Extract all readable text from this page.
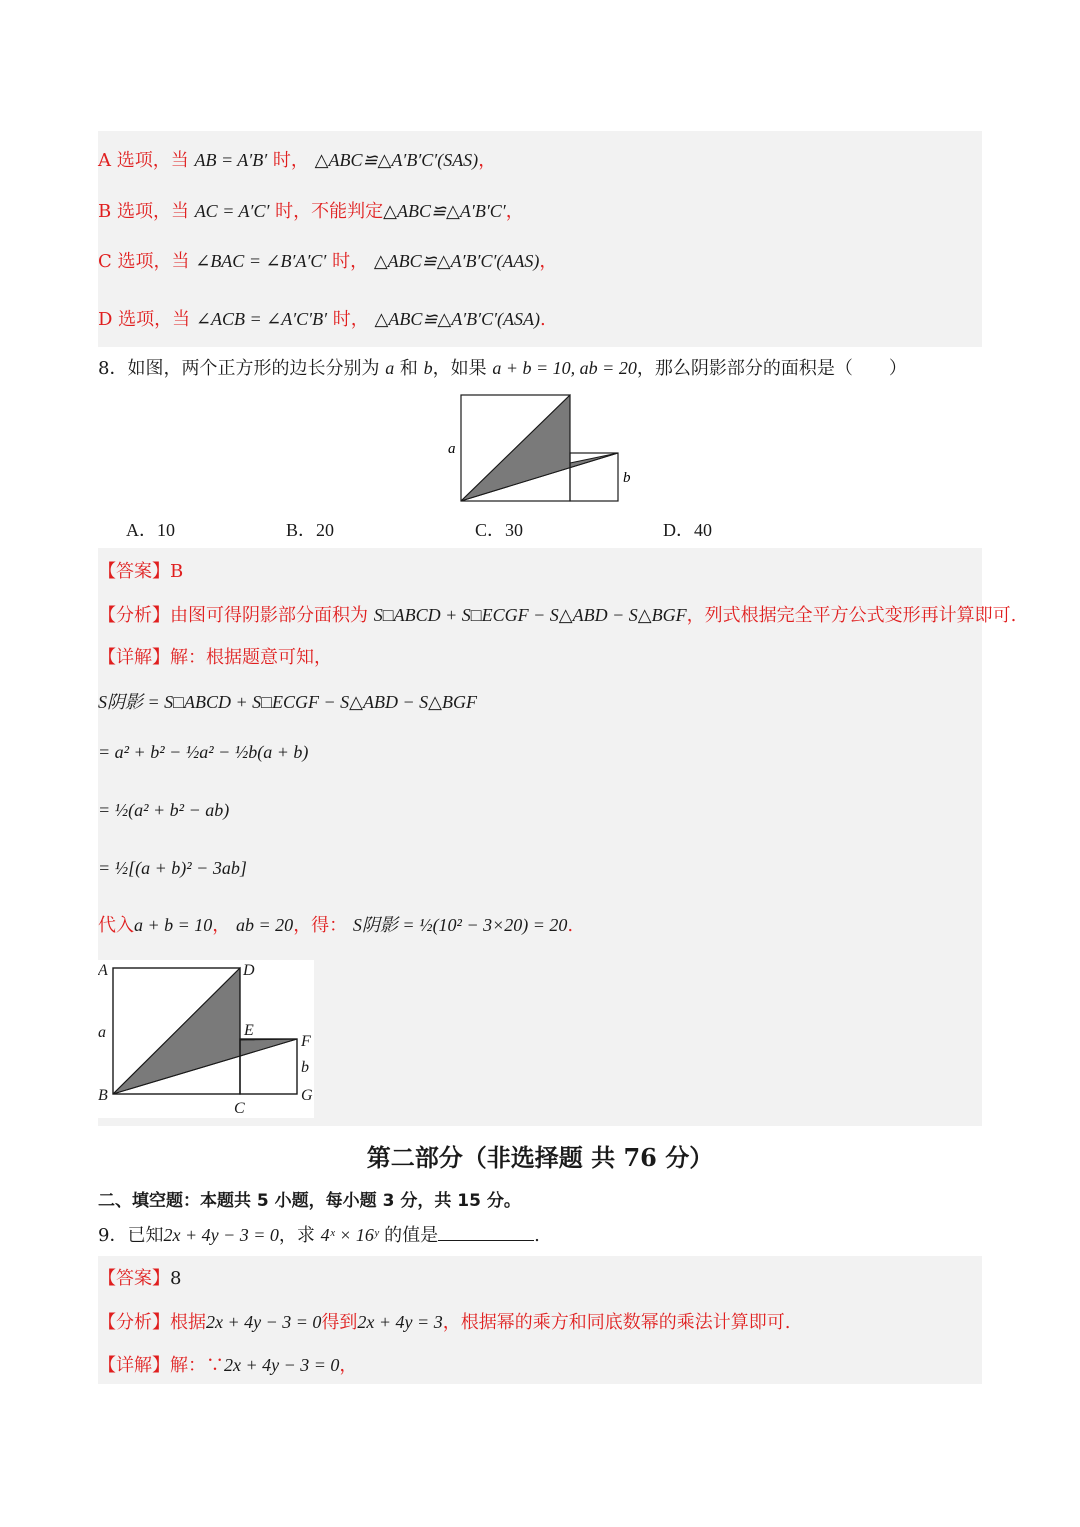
A 选项，当 AB = A′B′ 时， △ABC≌△A′B′C′(SAS)，
B 选项，当 AC = A′C′ 时，不能判定△ABC≌△A′B′C′，
C 选项，当 ∠BAC = ∠B′A′C′ 时， △ABC≌△A′B′C′(AAS)，
D 选项，当 ∠ACB = ∠A′C′B′ 时， △ABC≌△A′B′C′(ASA).
8．如图，两个正方形的边长分别为 a 和 b，如果 a + b = 10, ab = 20，那么阴影部分的面积是（　　）
a
b
A．10	B．20	C．30	D．40
【答案】B
【分析】由图可得阴影部分面积为 S□ABCD + S□ECGF − S△ABD − S△BGF，列式根据完全平方公式变形再计算即可.
【详解】解：根据题意可知，
S阴影 = S□ABCD + S□ECGF − S△ABD − S△BGF
= a² + b² − ½a² − ½b(a + b)
= ½(a² + b² − ab)
= ½[(a + b)² − 3ab]
代入a + b = 10， ab = 20，得： S阴影 = ½(10² − 3×20) = 20.
A	D
a	E
F
b
B
C
G
第二部分（非选择题 共 76 分）
二、填空题：本题共 5 小题，每小题 3 分，共 15 分。
9．已知2x + 4y − 3 = 0，求 4ˣ × 16ʸ 的值是	.
【答案】8
【分析】根据2x + 4y − 3 = 0得到2x + 4y = 3，根据幂的乘方和同底数幂的乘法计算即可.
【详解】解：∵2x + 4y − 3 = 0，
